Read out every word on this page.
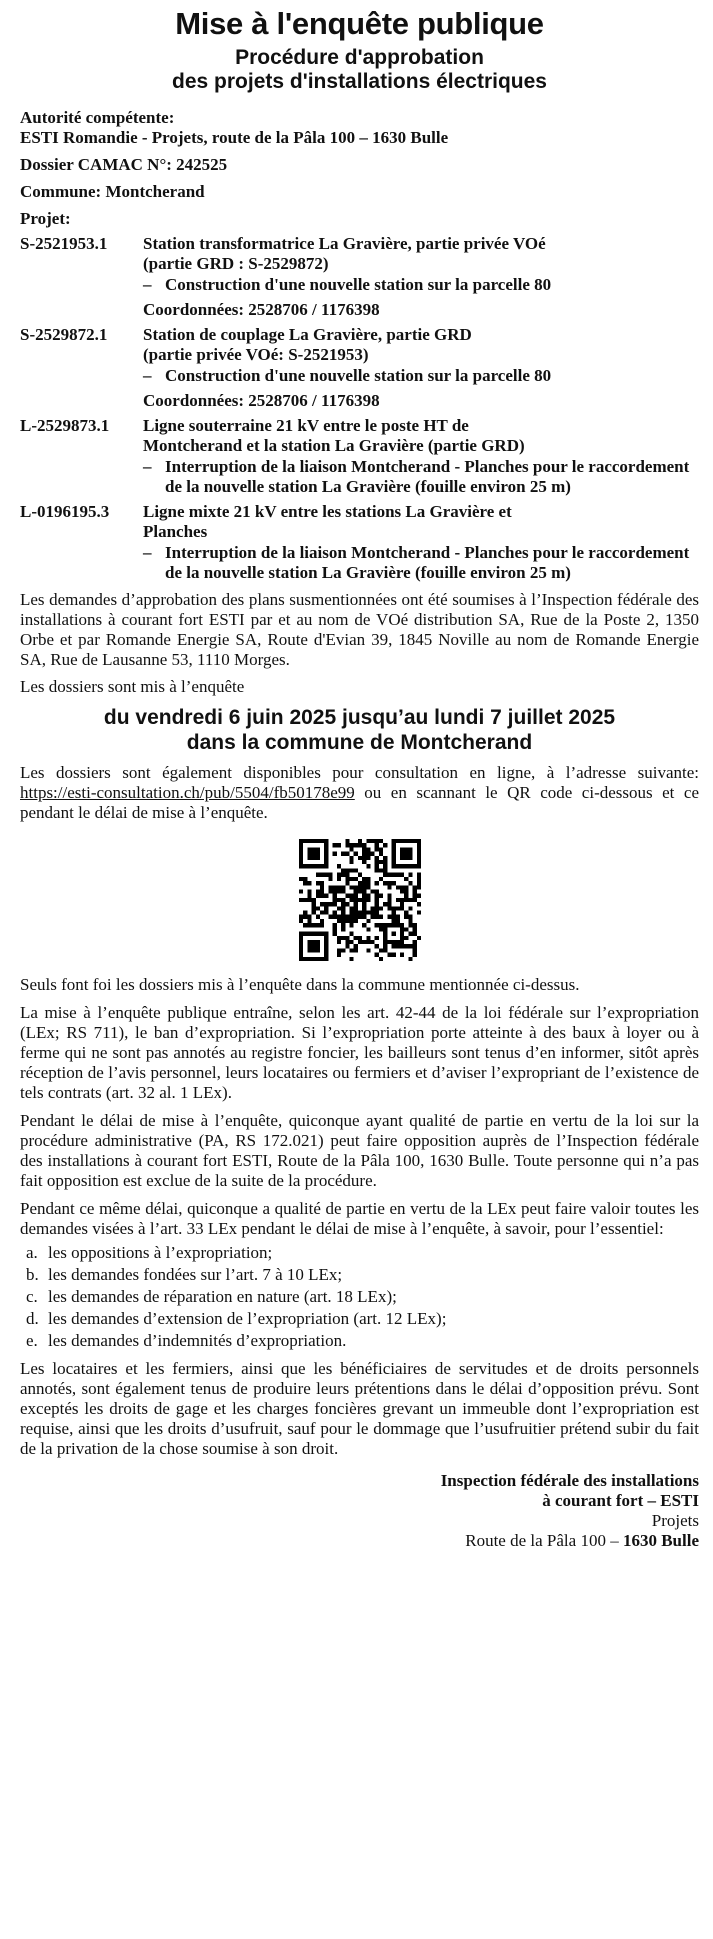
Mise à l'enquête publique
Procédure d'approbation
des projets d'installations électriques
Autorité compétente:
ESTI Romandie - Projets, route de la Pâla 100 – 1630 Bulle
Dossier CAMAC N°: 242525
Commune: Montcherand
Projet:
S-2521953.1	Station transformatrice La Gravière, partie privée VOé
(partie GRD : S-2529872)
– Construction d'une nouvelle station sur la parcelle 80
Coordonnées: 2528706 / 1176398
S-2529872.1	Station de couplage La Gravière, partie GRD
(partie privée VOé: S-2521953)
– Construction d'une nouvelle station sur la parcelle 80
Coordonnées: 2528706 / 1176398
L-2529873.1	Ligne souterraine 21 kV entre le poste HT de
Montcherand et la station La Gravière (partie GRD)
– Interruption de la liaison Montcherand - Planches pour le raccordement de la nouvelle station La Gravière (fouille environ 25 m)
L-0196195.3	Ligne mixte 21 kV entre les stations La Gravière et
Planches
– Interruption de la liaison Montcherand - Planches pour le raccordement de la nouvelle station La Gravière (fouille environ 25 m)
Les demandes d’approbation des plans susmentionnées ont été soumises à l’Inspection fédérale des installations à courant fort ESTI par et au nom de VOé distribution SA, Rue de la Poste 2, 1350 Orbe et par Romande Energie SA, Route d'Evian 39, 1845 Noville au nom de Romande Energie SA, Rue de Lausanne 53, 1110 Morges.
Les dossiers sont mis à l’enquête
du vendredi 6 juin 2025 jusqu’au lundi 7 juillet 2025
dans la commune de Montcherand
Les dossiers sont également disponibles pour consultation en ligne, à l’adresse suivante: https://esti-consultation.ch/pub/5504/fb50178e99 ou en scannant le QR code ci-dessous et ce pendant le délai de mise à l’enquête.
Seuls font foi les dossiers mis à l’enquête dans la commune mentionnée ci-dessus.
La mise à l’enquête publique entraîne, selon les art. 42-44 de la loi fédérale sur l’expropriation (LEx; RS 711), le ban d’expropriation. Si l’expropriation porte atteinte à des baux à loyer ou à ferme qui ne sont pas annotés au registre foncier, les bailleurs sont tenus d’en informer, sitôt après réception de l’avis personnel, leurs locataires ou fermiers et d’aviser l’expropriant de l’existence de tels contrats (art. 32 al. 1 LEx).
Pendant le délai de mise à l’enquête, quiconque ayant qualité de partie en vertu de la loi sur la procédure administrative (PA, RS 172.021) peut faire opposition auprès de l’Inspection fédérale des installations à courant fort ESTI, Route de la Pâla 100, 1630 Bulle. Toute personne qui n’a pas fait opposition est exclue de la suite de la procédure.
Pendant ce même délai, quiconque a qualité de partie en vertu de la LEx peut faire valoir toutes les demandes visées à l’art. 33 LEx pendant le délai de mise à l’enquête, à savoir, pour l’essentiel:
a. les oppositions à l’expropriation;
b. les demandes fondées sur l’art. 7 à 10 LEx;
c. les demandes de réparation en nature (art. 18 LEx);
d. les demandes d’extension de l’expropriation (art. 12 LEx);
e. les demandes d’indemnités d’expropriation.
Les locataires et les fermiers, ainsi que les bénéficiaires de servitudes et de droits personnels annotés, sont également tenus de produire leurs prétentions dans le délai d’opposition prévu. Sont exceptés les droits de gage et les charges foncières grevant un immeuble dont l’expropriation est requise, ainsi que les droits d’usufruit, sauf pour le dommage que l’usufruitier prétend subir du fait de la privation de la chose soumise à son droit.
Inspection fédérale des installations
à courant fort – ESTI
Projets
Route de la Pâla 100 – 1630 Bulle
